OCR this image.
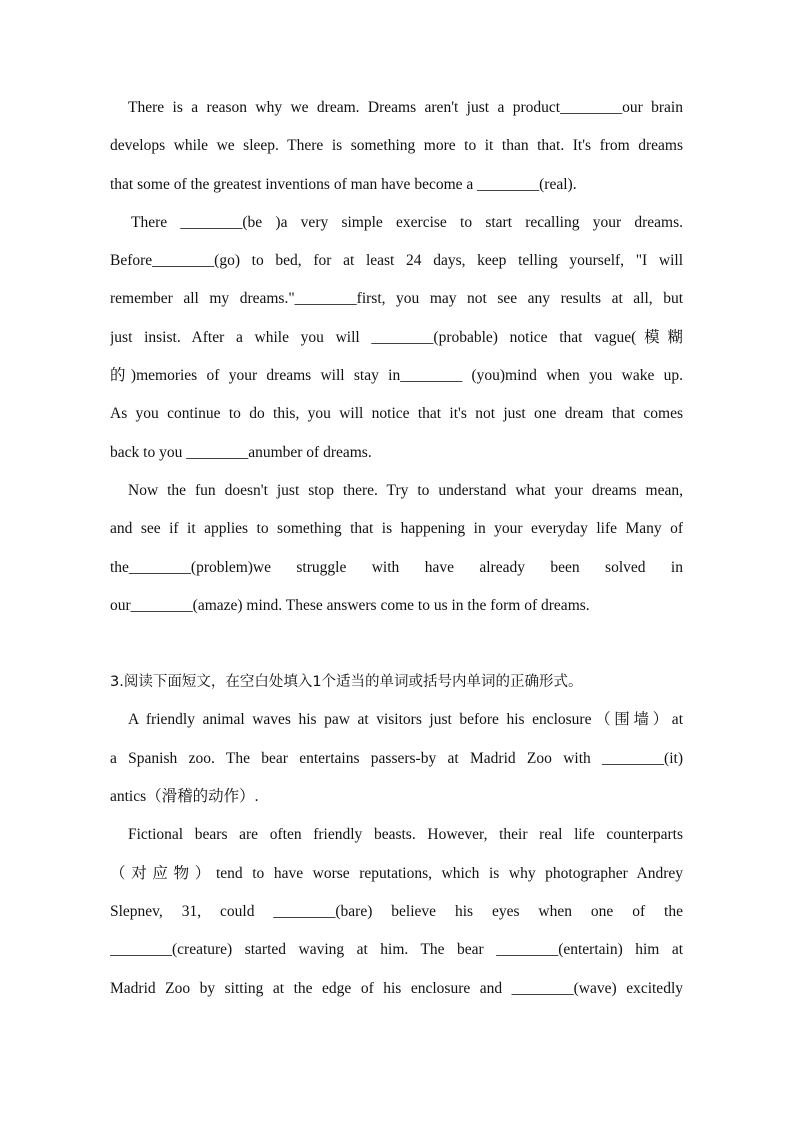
There is a reason why we dream. Dreams aren't just a product________our brain
develops while we sleep. There is something more to it than that. It's from dreams
that some of the greatest inventions of man have become a ________(real).
There ________(be )a very simple exercise to start recalling your dreams.
Before________(go) to bed, for at least 24 days, keep telling yourself, "I will
remember all my dreams."________first, you may not see any results at all, but
just insist. After a while you will ________(probable) notice that vague(模糊
的)memories of your dreams will stay in________ (you)mind when you wake up.
As you continue to do this, you will notice that it's not just one dream that comes
back to you ________anumber of dreams.
Now the fun doesn't just stop there. Try to understand what your dreams mean,
and see if it applies to something that is happening in your everyday life Many of
the________(problem)we struggle with have already been solved in
our________(amaze) mind. These answers come to us in the form of dreams.
3.阅读下面短文，在空白处填入1个适当的单词或括号内单词的正确形式。
A friendly animal waves his paw at visitors just before his enclosure（围墙）at
a Spanish zoo. The bear entertains passers-by at Madrid Zoo with ________(it)
antics（滑稽的动作）.
Fictional bears are often friendly beasts. However, their real life counterparts
（对应物）tend to have worse reputations, which is why photographer Andrey
Slepnev, 31, could ________(bare) believe his eyes when one of the
________(creature) started waving at him. The bear ________(entertain) him at
Madrid Zoo by sitting at the edge of his enclosure and ________(wave) excitedly
